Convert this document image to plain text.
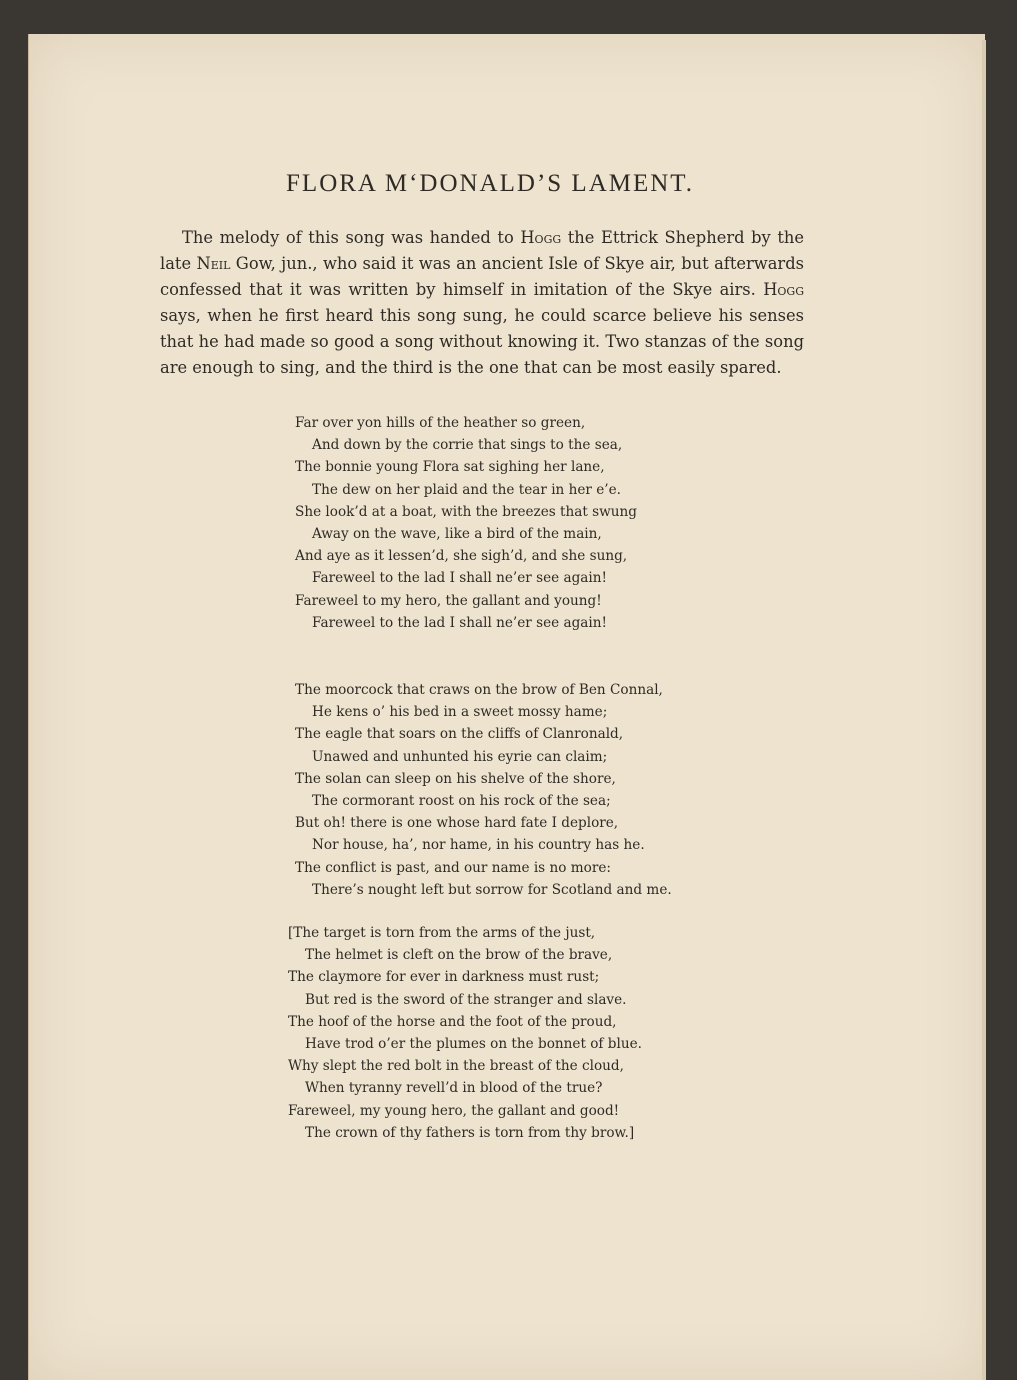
FLORA M‘DONALD’S LAMENT.

The melody of this song was handed to Hogg the Ettrick Shepherd by the late Neil Gow, jun., who said it was an ancient Isle of Skye air, but afterwards confessed that it was written by himself in imitation of the Skye airs. Hogg says, when he first heard this song sung, he could scarce believe his senses that he had made so good a song without knowing it. Two stanzas of the song are enough to sing, and the third is the one that can be most easily spared.

Far over yon hills of the heather so green,
And down by the corrie that sings to the sea,
The bonnie young Flora sat sighing her lane,
The dew on her plaid and the tear in her e’e.
She look’d at a boat, with the breezes that swung
Away on the wave, like a bird of the main,
And aye as it lessen’d, she sigh’d, and she sung,
Fareweel to the lad I shall ne’er see again!
Fareweel to my hero, the gallant and young!
Fareweel to the lad I shall ne’er see again!
The moorcock that craws on the brow of Ben Connal,
He kens o’ his bed in a sweet mossy hame;
The eagle that soars on the cliffs of Clanronald,
Unawed and unhunted his eyrie can claim;
The solan can sleep on his shelve of the shore,
The cormorant roost on his rock of the sea;
But oh! there is one whose hard fate I deplore,
Nor house, ha’, nor hame, in his country has he.
The conflict is past, and our name is no more:
There’s nought left but sorrow for Scotland and me.
[The target is torn from the arms of the just,
The helmet is cleft on the brow of the brave,
The claymore for ever in darkness must rust;
But red is the sword of the stranger and slave.
The hoof of the horse and the foot of the proud,
Have trod o’er the plumes on the bonnet of blue.
Why slept the red bolt in the breast of the cloud,
When tyranny revell’d in blood of the true?
Fareweel, my young hero, the gallant and good!
The crown of thy fathers is torn from thy brow.]
